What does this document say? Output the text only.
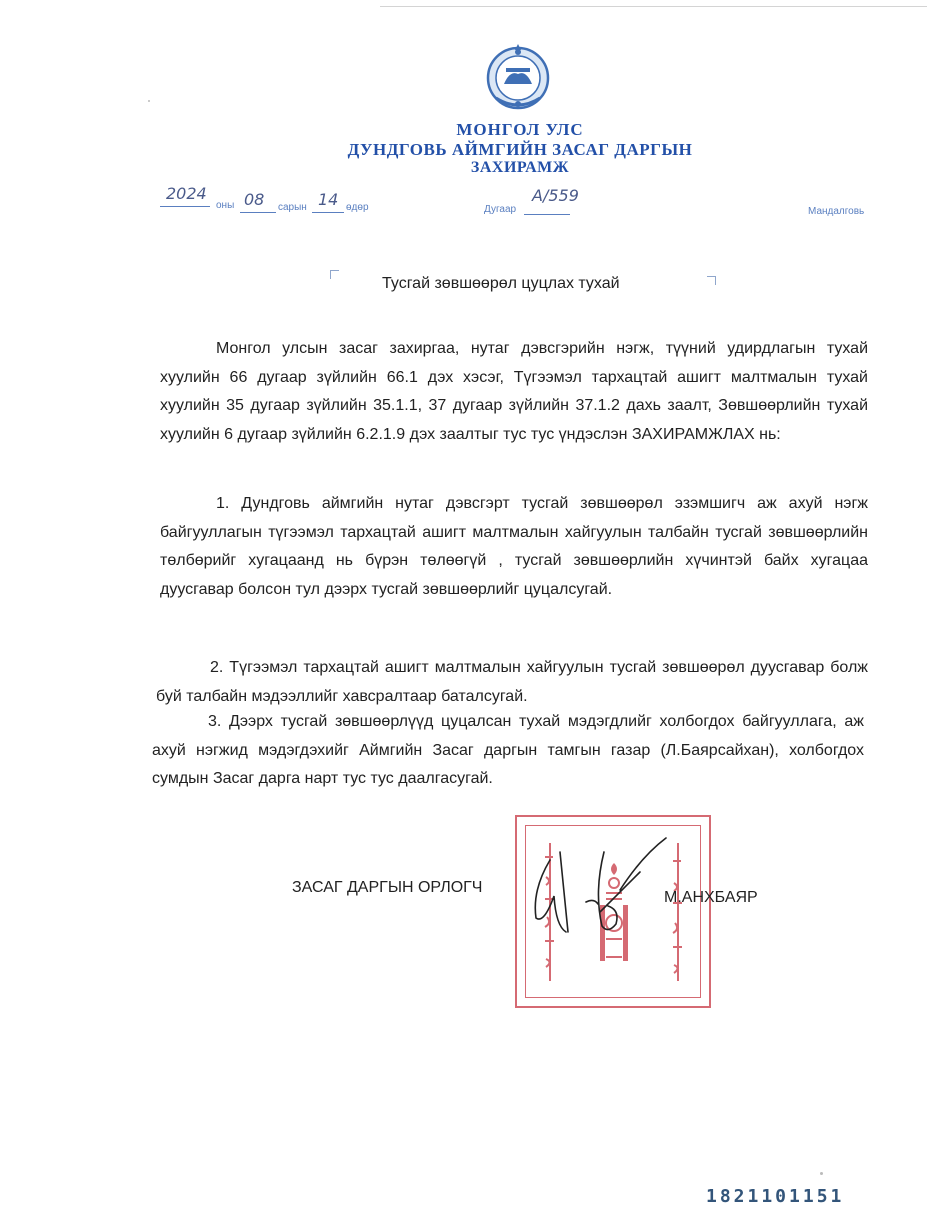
МОНГОЛ УЛС
ДУНДГОВЬ АЙМГИЙН ЗАСАГ ДАРГЫН
ЗАХИРАМЖ
2024
оны 08 сарын 14 өдөр	Дугаар
A/559
Мандалговь
Тусгай зөвшөөрөл цуцлах тухай
Монгол улсын засаг захиргаа, нутаг дэвсгэрийн нэгж, түүний удирдлагын тухай хуулийн 66 дугаар зүйлийн 66.1 дэх хэсэг, Түгээмэл тархацтай ашигт малтмалын тухай хуулийн 35 дугаар зүйлийн 35.1.1, 37 дугаар зүйлийн 37.1.2 дахь заалт, Зөвшөөрлийн тухай хуулийн 6 дугаар зүйлийн 6.2.1.9 дэх заалтыг тус тус үндэслэн ЗАХИРАМЖЛАХ нь:
1. Дундговь аймгийн нутаг дэвсгэрт тусгай зөвшөөрөл эзэмшигч аж ахуй нэгж байгууллагын түгээмэл тархацтай ашигт малтмалын хайгуулын талбайн тусгай зөвшөөрлийн төлбөрийг хугацаанд нь бүрэн төлөөгүй , тусгай зөвшөөрлийн хүчинтэй байх хугацаа дуусгавар болсон тул дээрх тусгай зөвшөөрлийг цуцалсугай.
2. Түгээмэл тархацтай ашигт малтмалын хайгуулын тусгай зөвшөөрөл дуусгавар болж буй талбайн мэдээллийг хавсралтаар баталсугай.
3. Дээрх тусгай зөвшөөрлүүд цуцалсан тухай мэдэгдлийг холбогдох байгууллага, аж ахуй нэгжид мэдэгдэхийг Аймгийн Засаг даргын тамгын газар (Л.Баярсайхан), холбогдох сумдын Засаг дарга нарт тус тус даалгасугай.
ЗАСАГ ДАРГЫН ОРЛОГЧ
М.АНХБАЯР
1821101151
